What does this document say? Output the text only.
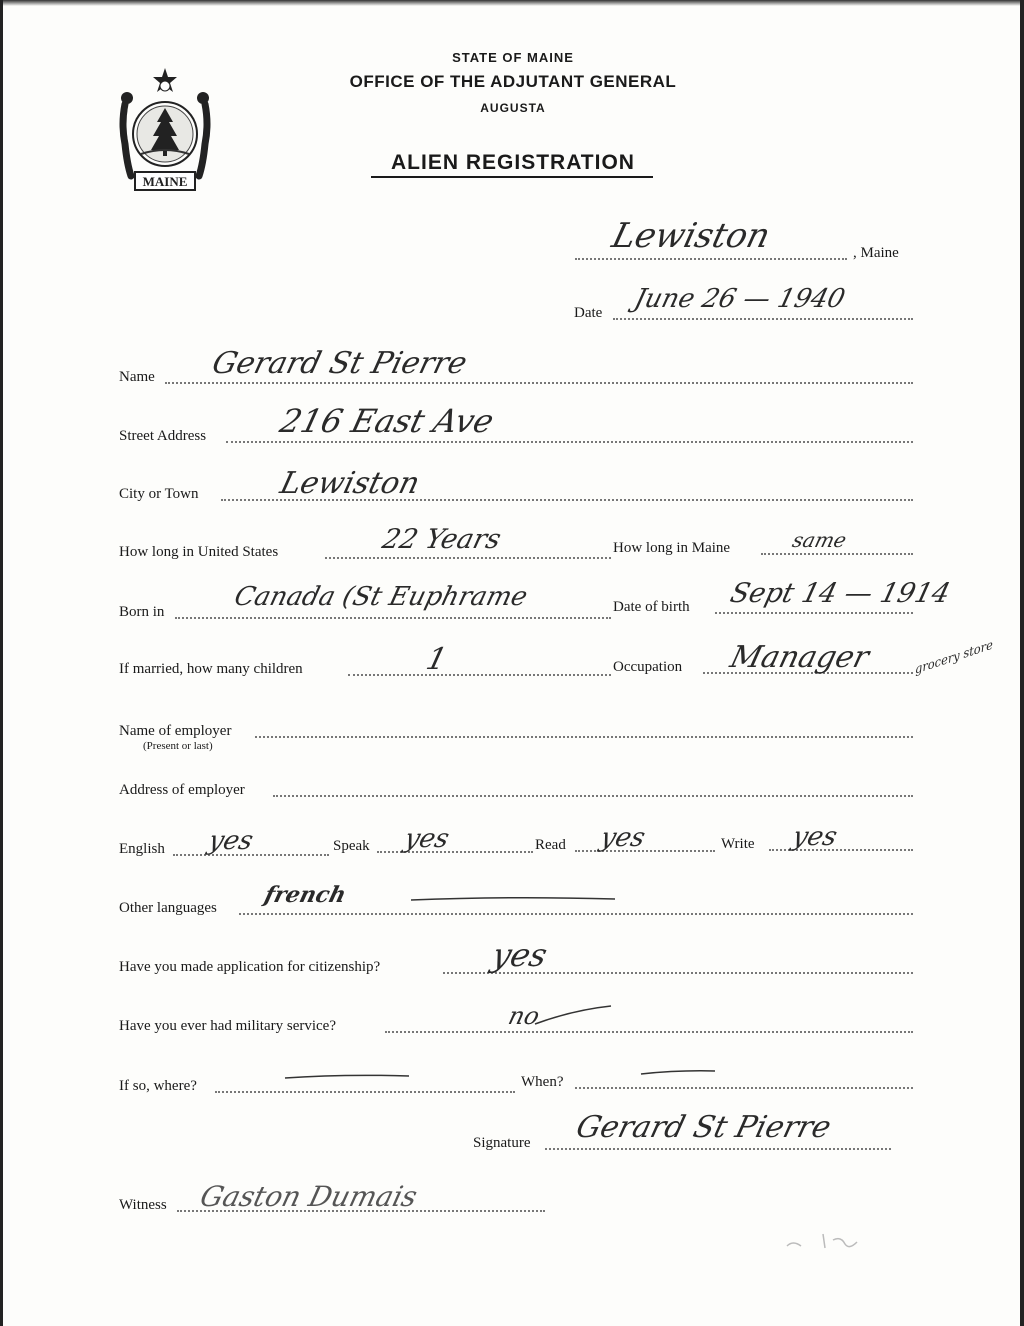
MAINE
STATE OF MAINE
OFFICE OF THE ADJUTANT GENERAL
AUGUSTA
ALIEN REGISTRATION
Lewiston	, Maine
Date June 26 — 1940
Name Gerard St Pierre
Street Address 216 East Ave
City or Town	Lewiston
How long in United States	22 Years	How long in Maine	same
Born in	Canada (St Euphrame	Date of birth Sept 14 — 1914
If married, how many children	1	Occupation Manager	grocery store
Name of employer
(Present or last)
Address of employer
English yes	Speak yes	Read yes	Write yes
Other languages french
Have you made application for citizenship?	yes
Have you ever had military service?	no
If so, where?	When?
Signature Gerard St Pierre
Witness Gaston Dumais
